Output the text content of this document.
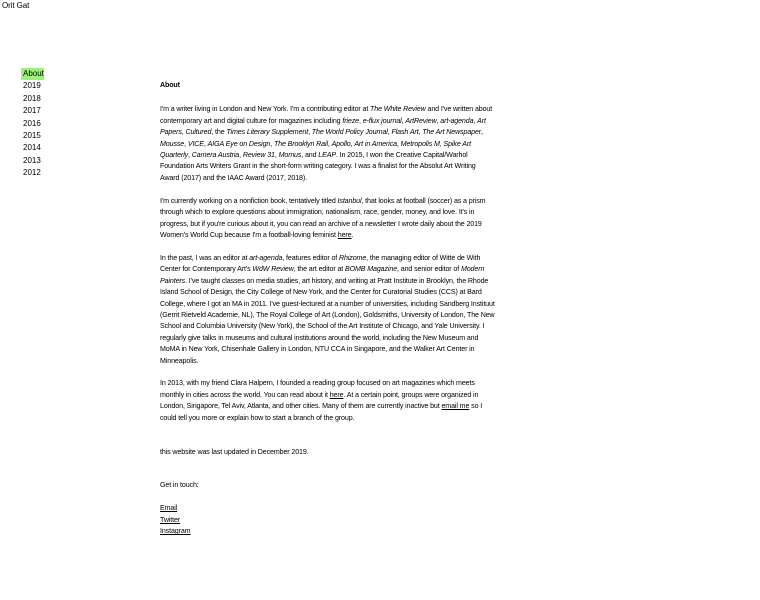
Orit Gat
About
2019
2018
2017
2016
2015
2014
2013
2012
About

I'm a writer living in London and New York. I'm a contributing editor at The White Review and I've written about contemporary art and digital culture for magazines including frieze, e-flux journal, ArtReview, art-agenda, Art Papers, Cultured, the Times Literary Supplement, The World Policy Journal, Flash Art, The Art Newspaper, Mousse, VICE, AIGA Eye on Design, The Brooklyn Rail, Apollo, Art in America, Metropolis M, Spike Art Quarterly, Camera Austria, Review 31, Momus, and LEAP. In 2015, I won the Creative Capital/Warhol Foundation Arts Writers Grant in the short-form writing category. I was a finalist for the Absolut Art Writing Award (2017) and the IAAC Award (2017, 2018).

I'm currently working on a nonfiction book, tentatively titled Istanbul, that looks at football (soccer) as a prism through which to explore questions about immigration, nationalism, race, gender, money, and love. It's in progress, but if you're curious about it, you can read an archive of a newsletter I wrote daily about the 2019 Women's World Cup because I'm a football-loving feminist here.

In the past, I was an editor at art-agenda, features editor of Rhizome, the managing editor of Witte de With Center for Contemporary Art's WdW Review, the art editor at BOMB Magazine, and senior editor of Modern Painters. I've taught classes on media studies, art history, and writing at Pratt Institute in Brooklyn, the Rhode Island School of Design, the City College of New York, and the Center for Curatorial Studies (CCS) at Bard College, where I got an MA in 2011. I've guest-lectured at a number of universities, including Sandberg Instituut (Gerrit Rietveld Academie, NL), The Royal College of Art (London), Goldsmiths, University of London, The New School and Columbia University (New York), the School of the Art Institute of Chicago, and Yale University. I regularly give talks in museums and cultural institutions around the world, including the New Museum and MoMA in New York, Chisenhale Gallery in London, NTU CCA in Singapore, and the Walker Art Center in Minneapolis.

In 2013, with my friend Clara Halpern, I founded a reading group focused on art magazines which meets monthly in cities across the world. You can read about it here. At a certain point, groups were organized in London, Singapore, Tel Aviv, Atlanta, and other cities. Many of them are currently inactive but email me so I could tell you more or explain how to start a branch of the group.

this website was last updated in December 2019.

Get in touch:

Email
Twitter
Instagram
